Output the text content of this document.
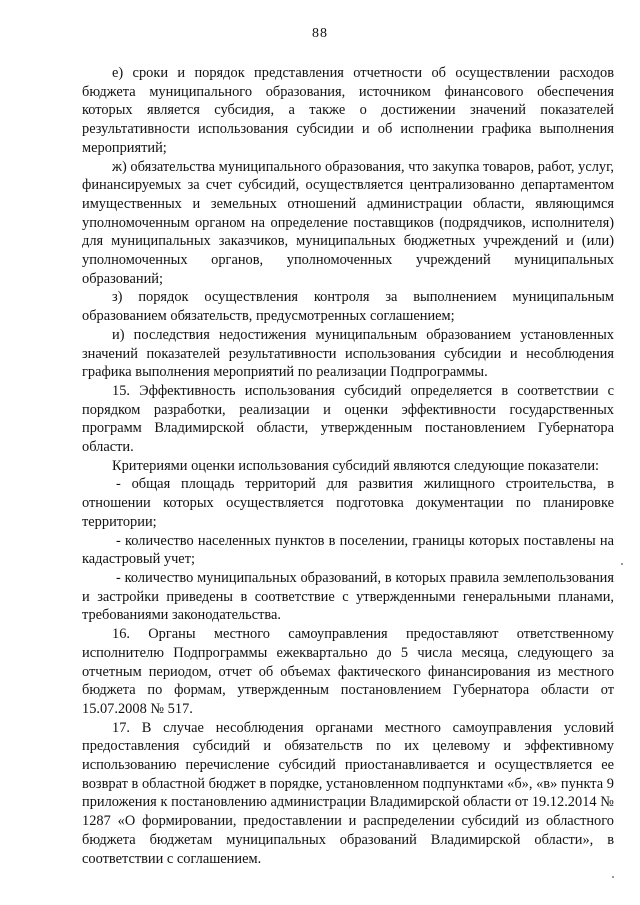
88

е) сроки и порядок представления отчетности об осуществлении расходов бюджета муниципального образования, источником финансового обеспечения которых является субсидия, а также о достижении значений показателей результативности использования субсидии и об исполнении графика выполнения мероприятий;

ж) обязательства муниципального образования, что закупка товаров, работ, услуг, финансируемых за счет субсидий, осуществляется централизованно департаментом имущественных и земельных отношений администрации области, являющимся уполномоченным органом на определение поставщиков (подрядчиков, исполнителя) для муниципальных заказчиков, муниципальных бюджетных учреждений и (или) уполномоченных органов, уполномоченных учреждений муниципальных образований;

з) порядок осуществления контроля за выполнением муниципальным образованием обязательств, предусмотренных соглашением;

и) последствия недостижения муниципальным образованием установленных значений показателей результативности использования субсидии и несоблюдения графика выполнения мероприятий по реализации Подпрограммы.

15. Эффективность использования субсидий определяется в соответствии с порядком разработки, реализации и оценки эффективности государственных программ Владимирской области, утвержденным постановлением Губернатора области.

Критериями оценки использования субсидий являются следующие показатели:

- общая площадь территорий для развития жилищного строительства, в отношении которых осуществляется подготовка документации по планировке территории;

- количество населенных пунктов в поселении, границы которых поставлены на кадастровый учет;

- количество муниципальных образований, в которых правила землепользования и застройки приведены в соответствие с утвержденными генеральными планами, требованиями законодательства.

16. Органы местного самоуправления предоставляют ответственному исполнителю Подпрограммы ежеквартально до 5 числа месяца, следующего за отчетным периодом, отчет об объемах фактического финансирования из местного бюджета по формам, утвержденным постановлением Губернатора области от 15.07.2008 № 517.

17. В случае несоблюдения органами местного самоуправления условий предоставления субсидий и обязательств по их целевому и эффективному использованию перечисление субсидий приостанавливается и осуществляется ее возврат в областной бюджет в порядке, установленном подпунктами «б», «в» пункта 9 приложения к постановлению администрации Владимирской области от 19.12.2014 № 1287 «О формировании, предоставлении и распределении субсидий из областного бюджета бюджетам муниципальных образований Владимирской области», в соответствии с соглашением.
